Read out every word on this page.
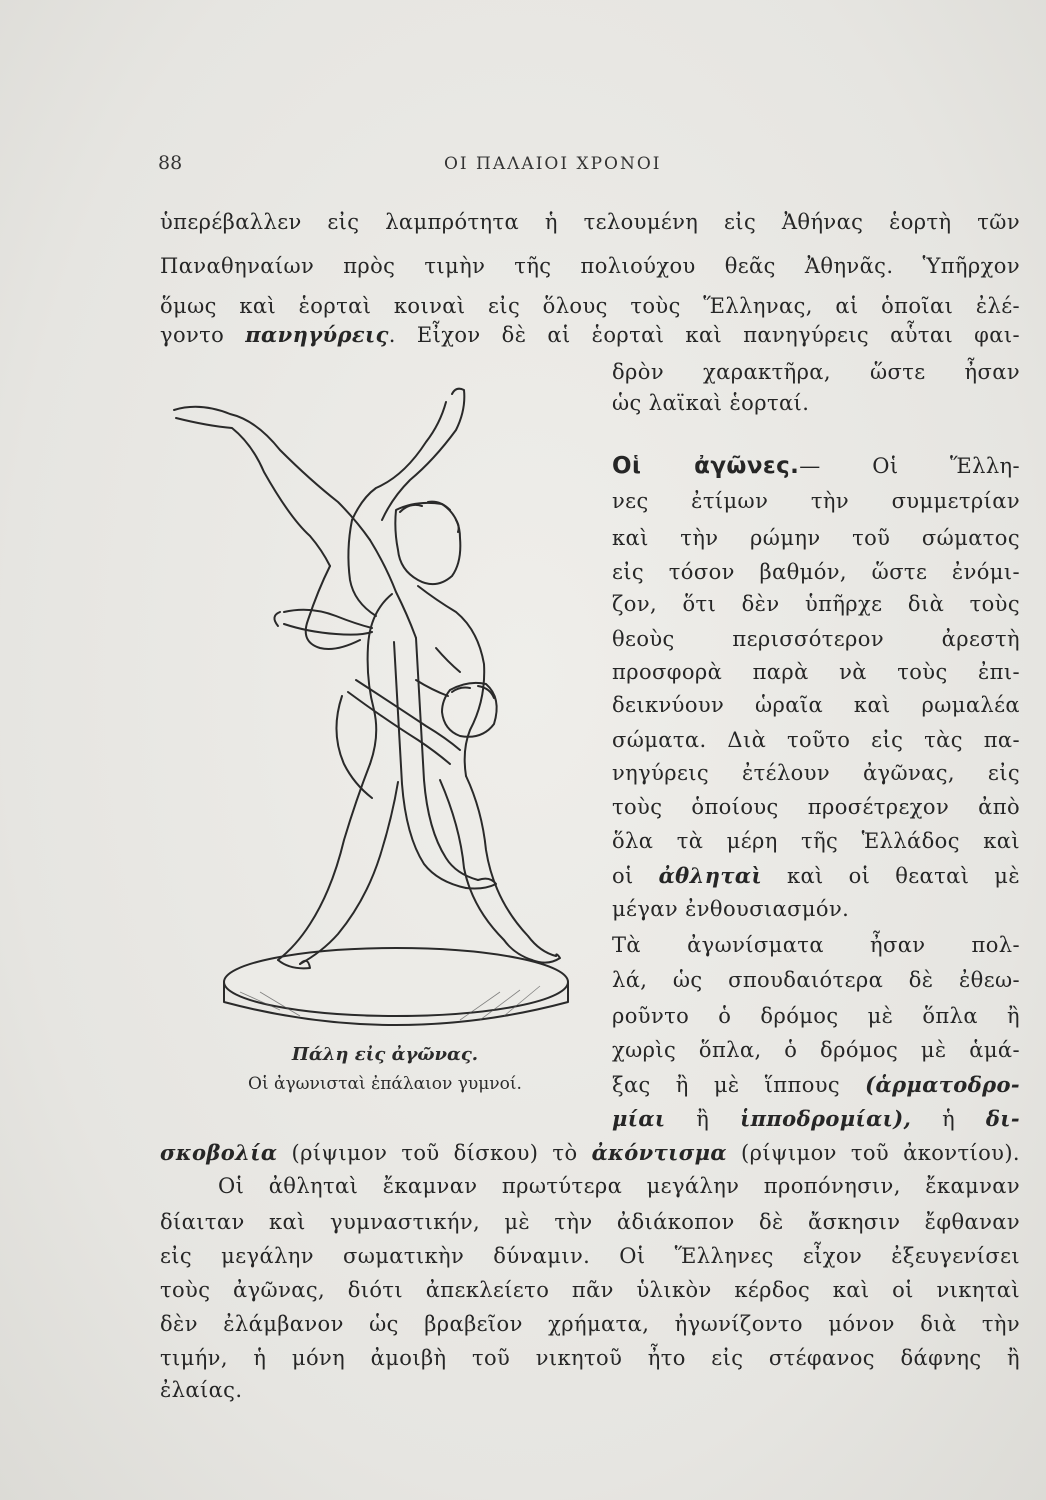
88	ΟΙ ΠΑΛΑΙΟΙ ΧΡΟΝΟΙ
ὑπερέβαλλεν εἰς λαμπρότητα ἡ τελουμένη εἰς Ἀθήνας ἑορτὴ τῶν
Παναθηναίων πρὸς τιμὴν τῆς πολιούχου θεᾶς Ἀθηνᾶς. Ὑπῆρχον
ὅμως καὶ ἑορταὶ κοιναὶ εἰς ὅλους τοὺς Ἕλληνας, αἱ ὁποῖαι ἐλέ-
γοντο πανηγύρεις. Εἶχον δὲ αἱ ἑορταὶ καὶ πανηγύρεις αὗται φαι-
δρὸν χαρακτῆρα, ὥστε ἦσαν
ὡς λαϊκαὶ ἑορταί.
Οἱ ἀγῶνες.— Οἱ Ἕλλη-
νες ἐτίμων τὴν συμμετρίαν
καὶ τὴν ρώμην τοῦ σώματος
εἰς τόσον βαθμόν, ὥστε ἐνόμι-
ζον, ὅτι δὲν ὑπῆρχε διὰ τοὺς
θεοὺς περισσότερον ἀρεστὴ
προσφορὰ παρὰ νὰ τοὺς ἐπι-
δεικνύουν ὡραῖα καὶ ρωμαλέα
σώματα. Διὰ τοῦτο εἰς τὰς πα-
νηγύρεις ἐτέλουν ἀγῶνας, εἰς
τοὺς ὁποίους προσέτρεχον ἀπὸ
ὅλα τὰ μέρη τῆς Ἑλλάδος καὶ
οἱ ἀθληταὶ καὶ οἱ θεαταὶ μὲ
μέγαν ἐνθουσιασμόν.
Τὰ ἀγωνίσματα ἦσαν πολ-
λά, ὡς σπουδαιότερα δὲ ἐθεω-
ροῦντο ὁ δρόμος μὲ ὅπλα ἢ
χωρὶς ὅπλα, ὁ δρόμος μὲ ἁμά-
ξας ἢ μὲ ἵππους (ἁρματοδρο-
μίαι ἢ ἱπποδρομίαι), ἡ δι-
σκοβολία (ρίψιμον τοῦ δίσκου) τὸ ἀκόντισμα (ρίψιμον τοῦ ἀκοντίου).
Οἱ ἀθληταὶ ἔκαμναν πρωτύτερα μεγάλην προπόνησιν, ἔκαμναν
δίαιταν καὶ γυμναστικήν, μὲ τὴν ἀδιάκοπον δὲ ἄσκησιν ἔφθαναν
εἰς μεγάλην σωματικὴν δύναμιν. Οἱ Ἕλληνες εἶχον ἐξευγενίσει
τοὺς ἀγῶνας, διότι ἀπεκλείετο πᾶν ὑλικὸν κέρδος καὶ οἱ νικηταὶ
δὲν ἐλάμβανον ὡς βραβεῖον χρήματα, ἠγωνίζοντο μόνον διὰ τὴν
τιμήν, ἡ μόνη ἀμοιβὴ τοῦ νικητοῦ ἦτο εἰς στέφανος δάφνης ἢ
ἐλαίας.
Πάλη εἰς ἀγῶνας.
Οἱ ἀγωνισταὶ ἐπάλαιον γυμνοί.
